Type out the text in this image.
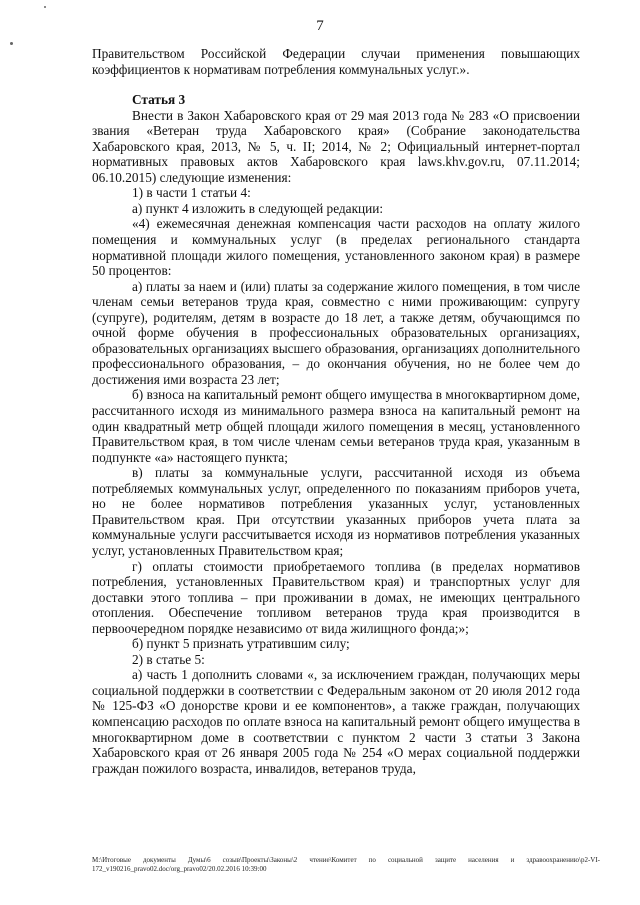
7

Правительством Российской Федерации случаи применения повышающих коэффициентов к нормативам потребления коммунальных услуг.».

Статья 3

Внести в Закон Хабаровского края от 29 мая 2013 года № 283 «О присвоении звания «Ветеран труда Хабаровского края» (Собрание законодательства Хабаровского края, 2013, № 5, ч. II; 2014, № 2; Официальный интернет-портал нормативных правовых актов Хабаровского края laws.khv.gov.ru, 07.11.2014; 06.10.2015) следующие изменения:

1) в части 1 статьи 4:

а) пункт 4 изложить в следующей редакции:

«4) ежемесячная денежная компенсация части расходов на оплату жилого помещения и коммунальных услуг (в пределах регионального стандарта нормативной площади жилого помещения, установленного законом края) в размере 50 процентов:

а) платы за наем и (или) платы за содержание жилого помещения, в том числе членам семьи ветеранов труда края, совместно с ними проживающим: супругу (супруге), родителям, детям в возрасте до 18 лет, а также детям, обучающимся по очной форме обучения в профессиональных образовательных организациях, образовательных организациях высшего образования, организациях дополнительного профессионального образования, – до окончания обучения, но не более чем до достижения ими возраста 23 лет;

б) взноса на капитальный ремонт общего имущества в многоквартирном доме, рассчитанного исходя из минимального размера взноса на капитальный ремонт на один квадратный метр общей площади жилого помещения в месяц, установленного Правительством края, в том числе членам семьи ветеранов труда края, указанным в подпункте «а» настоящего пункта;

в) платы за коммунальные услуги, рассчитанной исходя из объема потребляемых коммунальных услуг, определенного по показаниям приборов учета, но не более нормативов потребления указанных услуг, установленных Правительством края. При отсутствии указанных приборов учета плата за коммунальные услуги рассчитывается исходя из нормативов потребления указанных услуг, установленных Правительством края;

г) оплаты стоимости приобретаемого топлива (в пределах нормативов потребления, установленных Правительством края) и транспортных услуг для доставки этого топлива – при проживании в домах, не имеющих центрального отопления. Обеспечение топливом ветеранов труда края производится в первоочередном порядке независимо от вида жилищного фонда;»;

б) пункт 5 признать утратившим силу;

2) в статье 5:

а) часть 1 дополнить словами «, за исключением граждан, получающих меры социальной поддержки в соответствии с Федеральным законом от 20 июля 2012 года № 125-ФЗ «О донорстве крови и ее компонентов», а также граждан, получающих компенсацию расходов по оплате взноса на капитальный ремонт общего имущества в многоквартирном доме в соответствии с пунктом 2 части 3 статьи 3 Закона Хабаровского края от 26 января 2005 года № 254 «О мерах социальной поддержки граждан пожилого возраста, инвалидов, ветеранов труда,

M:\Итоговые документы Думы\6 созыв\Проекты\Законы\2 чтение\Комитет по социальной защите населения и здравоохранению\p2-VI-172_v190216_pravo02.doc/org_pravo02/20.02.2016 10:39:00
